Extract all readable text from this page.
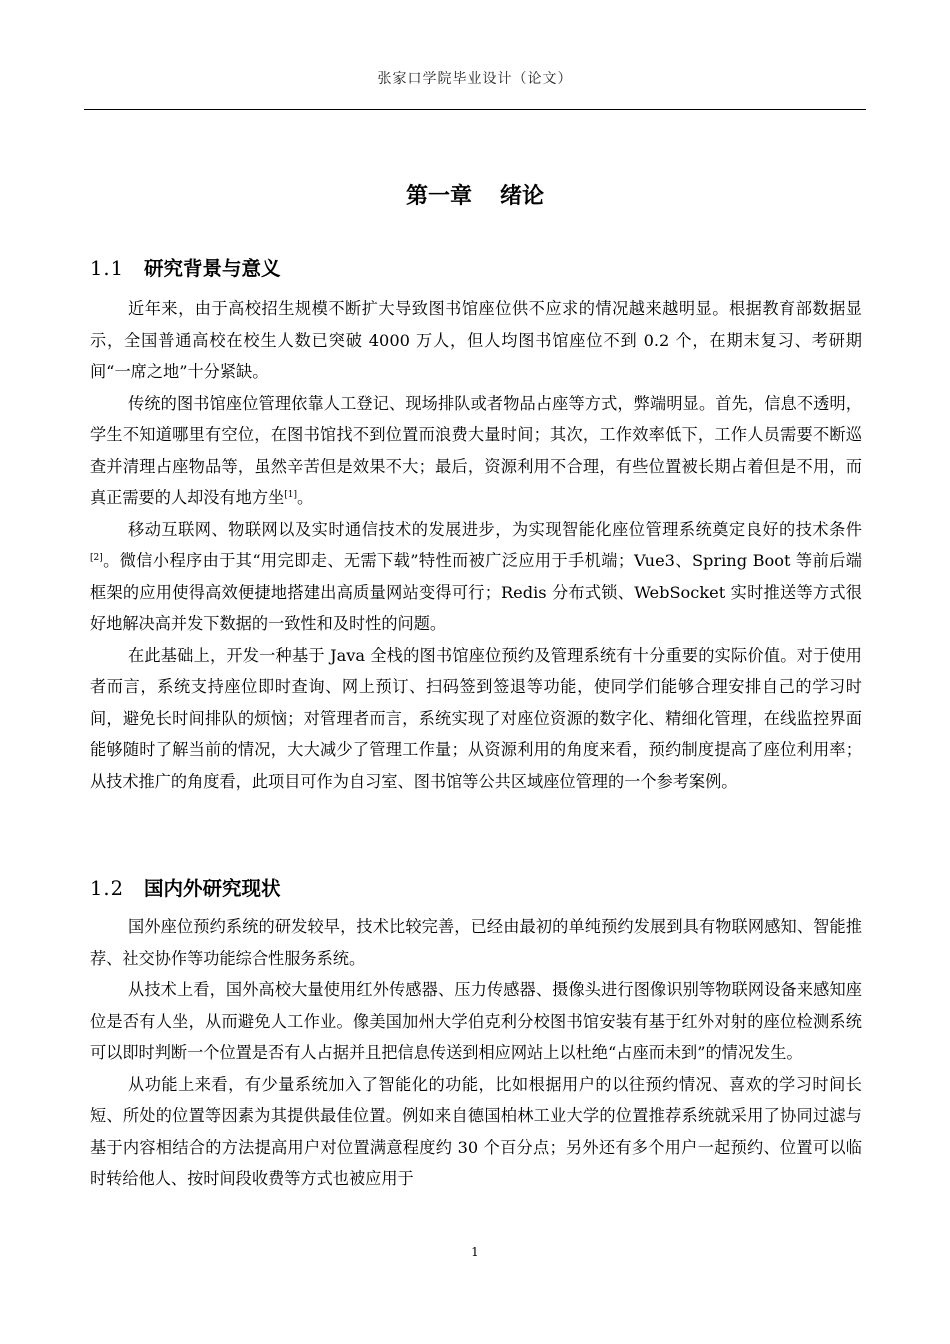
张家口学院毕业设计（论文）
第一章 绪论
1.1 研究背景与意义

近年来，由于高校招生规模不断扩大导致图书馆座位供不应求的情况越来越明显。根据教育部数据显示，全国普通高校在校生人数已突破 4000 万人，但人均图书馆座位不到 0.2 个，在期末复习、考研期间“一席之地”十分紧缺。

传统的图书馆座位管理依靠人工登记、现场排队或者物品占座等方式，弊端明显。首先，信息不透明，学生不知道哪里有空位，在图书馆找不到位置而浪费大量时间；其次，工作效率低下，工作人员需要不断巡查并清理占座物品等，虽然辛苦但是效果不大；最后，资源利用不合理，有些位置被长期占着但是不用，而真正需要的人却没有地方坐[1]。

移动互联网、物联网以及实时通信技术的发展进步，为实现智能化座位管理系统奠定良好的技术条件[2]。微信小程序由于其“用完即走、无需下载”特性而被广泛应用于手机端；Vue3、Spring Boot 等前后端框架的应用使得高效便捷地搭建出高质量网站变得可行；Redis 分布式锁、WebSocket 实时推送等方式很好地解决高并发下数据的一致性和及时性的问题。

在此基础上，开发一种基于 Java 全栈的图书馆座位预约及管理系统有十分重要的实际价值。对于使用者而言，系统支持座位即时查询、网上预订、扫码签到签退等功能，使同学们能够合理安排自己的学习时间，避免长时间排队的烦恼；对管理者而言，系统实现了对座位资源的数字化、精细化管理，在线监控界面能够随时了解当前的情况，大大减少了管理工作量；从资源利用的角度来看，预约制度提高了座位利用率；从技术推广的角度看，此项目可作为自习室、图书馆等公共区域座位管理的一个参考案例。

1.2 国内外研究现状

国外座位预约系统的研发较早，技术比较完善，已经由最初的单纯预约发展到具有物联网感知、智能推荐、社交协作等功能综合性服务系统。

从技术上看，国外高校大量使用红外传感器、压力传感器、摄像头进行图像识别等物联网设备来感知座位是否有人坐，从而避免人工作业。像美国加州大学伯克利分校图书馆安装有基于红外对射的座位检测系统可以即时判断一个位置是否有人占据并且把信息传送到相应网站上以杜绝“占座而未到”的情况发生。

从功能上来看，有少量系统加入了智能化的功能，比如根据用户的以往预约情况、喜欢的学习时间长短、所处的位置等因素为其提供最佳位置。例如来自德国柏林工业大学的位置推荐系统就采用了协同过滤与基于内容相结合的方法提高用户对位置满意程度约 30 个百分点；另外还有多个用户一起预约、位置可以临时转给他人、按时间段收费等方式也被应用于

1
